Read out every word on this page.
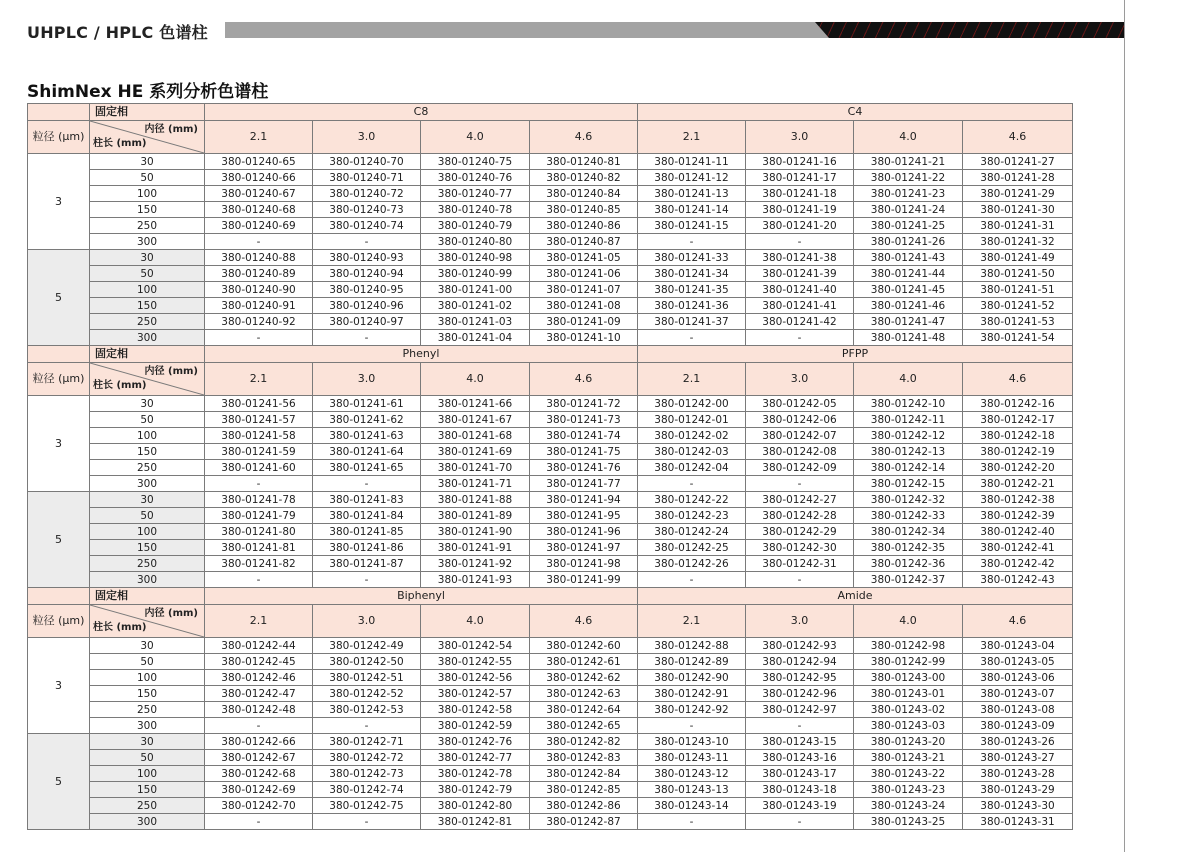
UHPLC / HPLC 色谱柱
ShimNex HE 系列分析色谱柱
	固定相	C8				C4			
粒径 (μm)	内径 (mm)
柱长 (mm)	2.1	3.0	4.0	4.6	2.1	3.0	4.0	4.6
3	30	380-01240-65	380-01240-70	380-01240-75	380-01240-81	380-01241-11	380-01241-16	380-01241-21	380-01241-27
	50	380-01240-66	380-01240-71	380-01240-76	380-01240-82	380-01241-12	380-01241-17	380-01241-22	380-01241-28
	100	380-01240-67	380-01240-72	380-01240-77	380-01240-84	380-01241-13	380-01241-18	380-01241-23	380-01241-29
	150	380-01240-68	380-01240-73	380-01240-78	380-01240-85	380-01241-14	380-01241-19	380-01241-24	380-01241-30
	250	380-01240-69	380-01240-74	380-01240-79	380-01240-86	380-01241-15	380-01241-20	380-01241-25	380-01241-31
	300	-	-	380-01240-80	380-01240-87	-	-	380-01241-26	380-01241-32
5	30	380-01240-88	380-01240-93	380-01240-98	380-01241-05	380-01241-33	380-01241-38	380-01241-43	380-01241-49
	50	380-01240-89	380-01240-94	380-01240-99	380-01241-06	380-01241-34	380-01241-39	380-01241-44	380-01241-50
	100	380-01240-90	380-01240-95	380-01241-00	380-01241-07	380-01241-35	380-01241-40	380-01241-45	380-01241-51
	150	380-01240-91	380-01240-96	380-01241-02	380-01241-08	380-01241-36	380-01241-41	380-01241-46	380-01241-52
	250	380-01240-92	380-01240-97	380-01241-03	380-01241-09	380-01241-37	380-01241-42	380-01241-47	380-01241-53
	300	-	-	380-01241-04	380-01241-10	-	-	380-01241-48	380-01241-54
	固定相	Phenyl				PFPP			
粒径 (μm)	内径 (mm)
柱长 (mm)	2.1	3.0	4.0	4.6	2.1	3.0	4.0	4.6
3	30	380-01241-56	380-01241-61	380-01241-66	380-01241-72	380-01242-00	380-01242-05	380-01242-10	380-01242-16
	50	380-01241-57	380-01241-62	380-01241-67	380-01241-73	380-01242-01	380-01242-06	380-01242-11	380-01242-17
	100	380-01241-58	380-01241-63	380-01241-68	380-01241-74	380-01242-02	380-01242-07	380-01242-12	380-01242-18
	150	380-01241-59	380-01241-64	380-01241-69	380-01241-75	380-01242-03	380-01242-08	380-01242-13	380-01242-19
	250	380-01241-60	380-01241-65	380-01241-70	380-01241-76	380-01242-04	380-01242-09	380-01242-14	380-01242-20
	300	-	-	380-01241-71	380-01241-77	-	-	380-01242-15	380-01242-21
5	30	380-01241-78	380-01241-83	380-01241-88	380-01241-94	380-01242-22	380-01242-27	380-01242-32	380-01242-38
	50	380-01241-79	380-01241-84	380-01241-89	380-01241-95	380-01242-23	380-01242-28	380-01242-33	380-01242-39
	100	380-01241-80	380-01241-85	380-01241-90	380-01241-96	380-01242-24	380-01242-29	380-01242-34	380-01242-40
	150	380-01241-81	380-01241-86	380-01241-91	380-01241-97	380-01242-25	380-01242-30	380-01242-35	380-01242-41
	250	380-01241-82	380-01241-87	380-01241-92	380-01241-98	380-01242-26	380-01242-31	380-01242-36	380-01242-42
	300	-	-	380-01241-93	380-01241-99	-	-	380-01242-37	380-01242-43
	固定相	Biphenyl				Amide			
粒径 (μm)	内径 (mm)
柱长 (mm)	2.1	3.0	4.0	4.6	2.1	3.0	4.0	4.6
3	30	380-01242-44	380-01242-49	380-01242-54	380-01242-60	380-01242-88	380-01242-93	380-01242-98	380-01243-04
	50	380-01242-45	380-01242-50	380-01242-55	380-01242-61	380-01242-89	380-01242-94	380-01242-99	380-01243-05
	100	380-01242-46	380-01242-51	380-01242-56	380-01242-62	380-01242-90	380-01242-95	380-01243-00	380-01243-06
	150	380-01242-47	380-01242-52	380-01242-57	380-01242-63	380-01242-91	380-01242-96	380-01243-01	380-01243-07
	250	380-01242-48	380-01242-53	380-01242-58	380-01242-64	380-01242-92	380-01242-97	380-01243-02	380-01243-08
	300	-	-	380-01242-59	380-01242-65	-	-	380-01243-03	380-01243-09
5	30	380-01242-66	380-01242-71	380-01242-76	380-01242-82	380-01243-10	380-01243-15	380-01243-20	380-01243-26
	50	380-01242-67	380-01242-72	380-01242-77	380-01242-83	380-01243-11	380-01243-16	380-01243-21	380-01243-27
	100	380-01242-68	380-01242-73	380-01242-78	380-01242-84	380-01243-12	380-01243-17	380-01243-22	380-01243-28
	150	380-01242-69	380-01242-74	380-01242-79	380-01242-85	380-01243-13	380-01243-18	380-01243-23	380-01243-29
	250	380-01242-70	380-01242-75	380-01242-80	380-01242-86	380-01243-14	380-01243-19	380-01243-24	380-01243-30
	300	-	-	380-01242-81	380-01242-87	-	-	380-01243-25	380-01243-31
